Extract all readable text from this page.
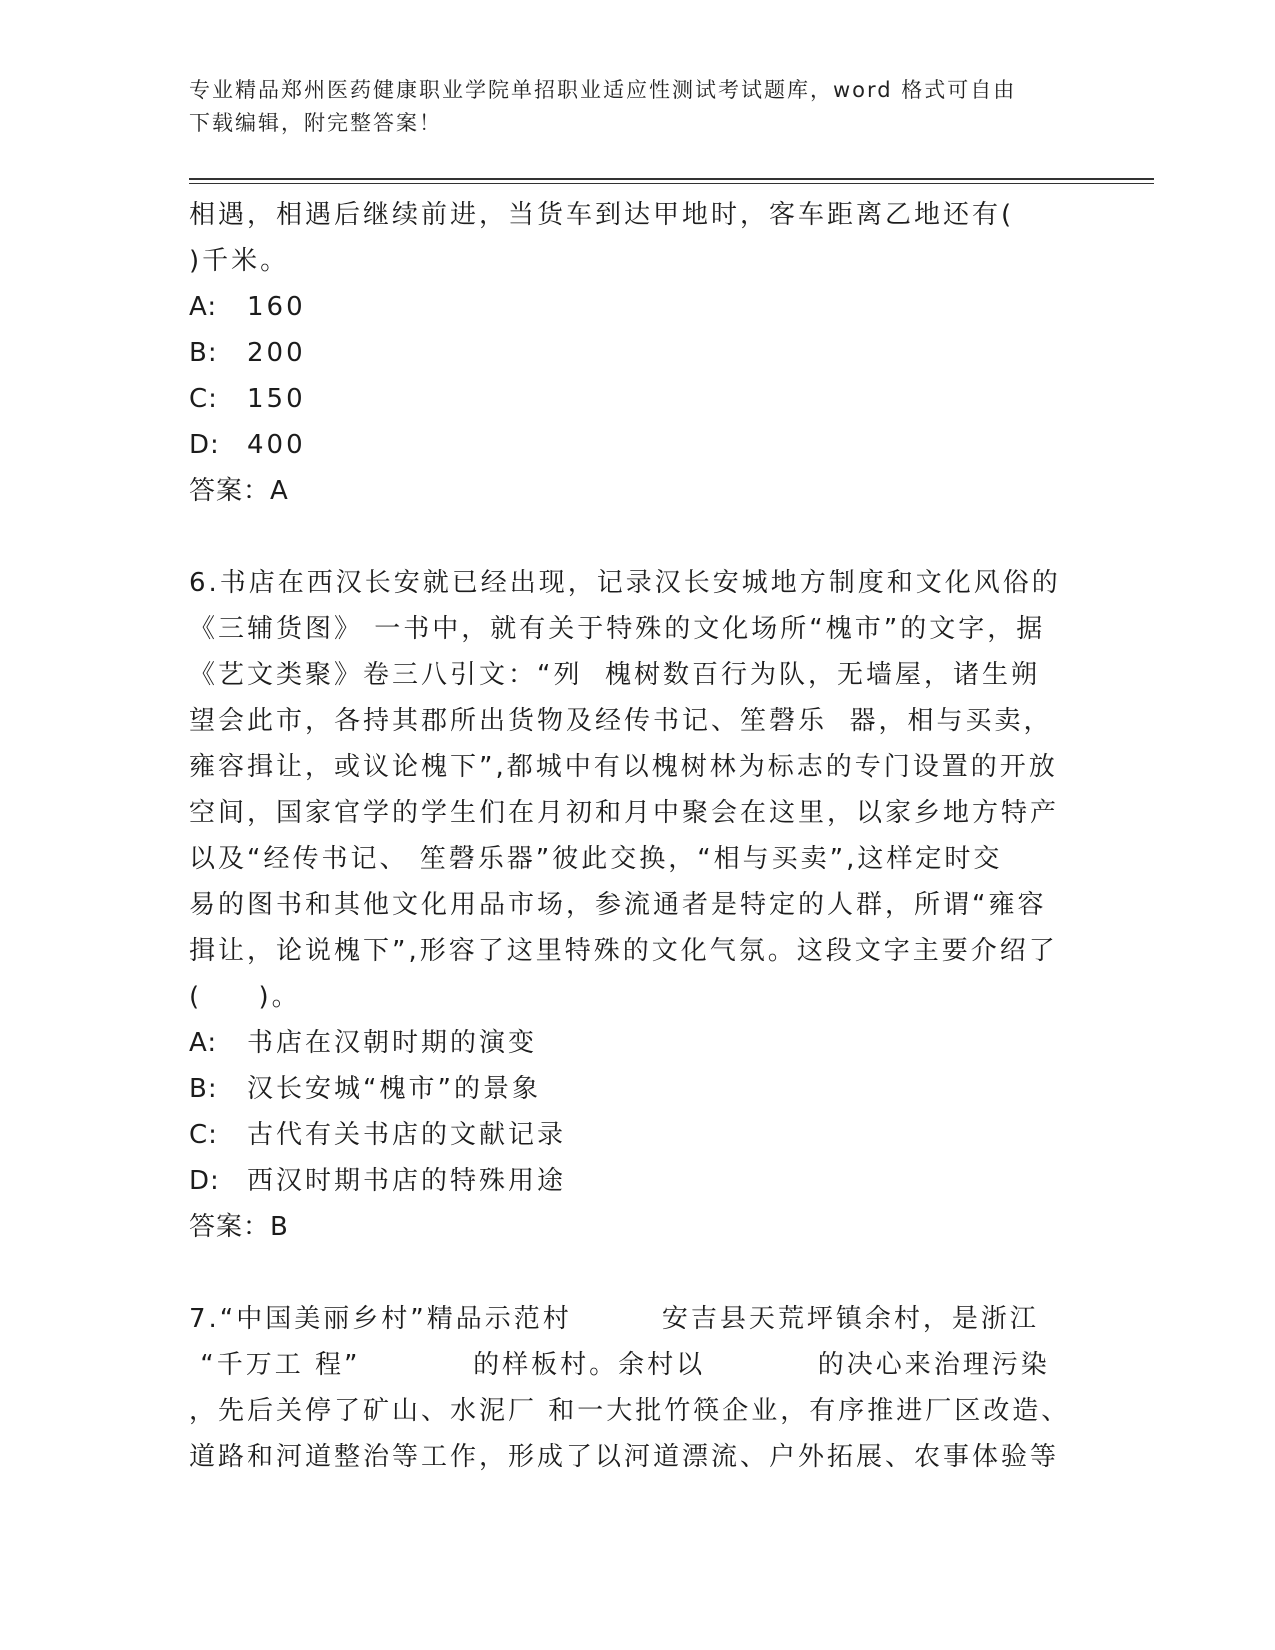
专业精品郑州医药健康职业学院单招职业适应性测试考试题库，word 格式可自由
下载编辑，附完整答案！
相遇，相遇后继续前进，当货车到达甲地时，客车距离乙地还有(
)千米。
A: 160
B: 200
C: 150
D: 400
答案：A
6.书店在西汉长安就已经出现，记录汉长安城地方制度和文化风俗的
《三辅货图》 一书中，就有关于特殊的文化场所“槐市”的文字，据
《艺文类聚》卷三八引文：“列  槐树数百行为队，无墙屋，诸生朔
望会此市，各持其郡所出货物及经传书记、笙磬乐  器，相与买卖，
雍容揖让，或议论槐下”,都城中有以槐树林为标志的专门设置的开放
空间，国家官学的学生们在月初和月中聚会在这里，以家乡地方特产
以及“经传书记、 笙磬乐器”彼此交换，“相与买卖”,这样定时交
易的图书和其他文化用品市场，参流通者是特定的人群，所谓“雍容
揖让，论说槐下”,形容了这里特殊的文化气氛。这段文字主要介绍了
(     )。
A: 书店在汉朝时期的演变
B: 汉长安城“槐市”的景象
C: 古代有关书店的文献记录
D: 西汉时期书店的特殊用途
答案：B
7.“中国美丽乡村”精品示范村        安吉县天荒坪镇余村，是浙江
“千万工 程”          的样板村。余村以          的决心来治理污染
，先后关停了矿山、水泥厂 和一大批竹筷企业，有序推进厂区改造、
道路和河道整治等工作，形成了以河道漂流、户外拓展、农事体验等
